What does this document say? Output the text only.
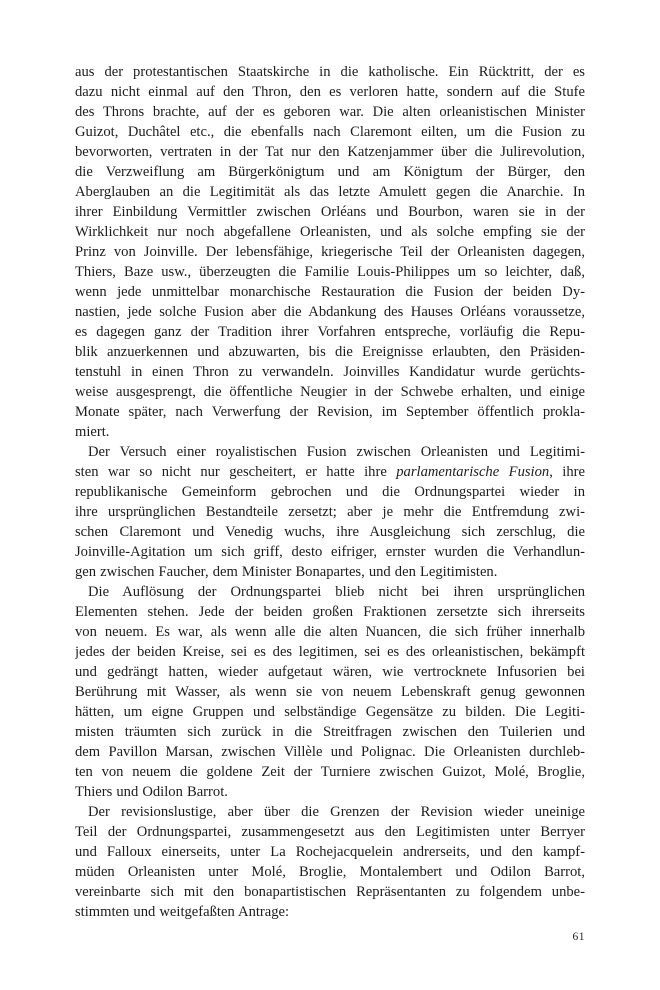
aus der protestantischen Staatskirche in die katholische. Ein Rücktritt, der es
dazu nicht einmal auf den Thron, den es verloren hatte, sondern auf die Stufe
des Throns brachte, auf der es geboren war. Die alten orleanistischen Minister
Guizot, Duchâtel etc., die ebenfalls nach Claremont eilten, um die Fusion zu
bevorworten, vertraten in der Tat nur den Katzenjammer über die Julirevolution,
die Verzweiflung am Bürgerkönigtum und am Königtum der Bürger, den
Aberglauben an die Legitimität als das letzte Amulett gegen die Anarchie. In
ihrer Einbildung Vermittler zwischen Orléans und Bourbon, waren sie in der
Wirklichkeit nur noch abgefallene Orleanisten, und als solche empfing sie der
Prinz von Joinville. Der lebensfähige, kriegerische Teil der Orleanisten dagegen,
Thiers, Baze usw., überzeugten die Familie Louis-Philippes um so leichter, daß,
wenn jede unmittelbar monarchische Restauration die Fusion der beiden Dy-
nastien, jede solche Fusion aber die Abdankung des Hauses Orléans voraussetze,
es dagegen ganz der Tradition ihrer Vorfahren entspreche, vorläufig die Repu-
blik anzuerkennen und abzuwarten, bis die Ereignisse erlaubten, den Präsiden-
tenstuhl in einen Thron zu verwandeln. Joinvilles Kandidatur wurde gerüchts-
weise ausgesprengt, die öffentliche Neugier in der Schwebe erhalten, und einige
Monate später, nach Verwerfung der Revision, im September öffentlich prokla-
miert.
Der Versuch einer royalistischen Fusion zwischen Orleanisten und Legitimi-
sten war so nicht nur gescheitert, er hatte ihre parlamentarische Fusion, ihre
republikanische Gemeinform gebrochen und die Ordnungspartei wieder in
ihre ursprünglichen Bestandteile zersetzt; aber je mehr die Entfremdung zwi-
schen Claremont und Venedig wuchs, ihre Ausgleichung sich zerschlug, die
Joinville-Agitation um sich griff, desto eifriger, ernster wurden die Verhandlun-
gen zwischen Faucher, dem Minister Bonapartes, und den Legitimisten.
Die Auflösung der Ordnungspartei blieb nicht bei ihren ursprünglichen
Elementen stehen. Jede der beiden großen Fraktionen zersetzte sich ihrerseits
von neuem. Es war, als wenn alle die alten Nuancen, die sich früher innerhalb
jedes der beiden Kreise, sei es des legitimen, sei es des orleanistischen, bekämpft
und gedrängt hatten, wieder aufgetaut wären, wie vertrocknete Infusorien bei
Berührung mit Wasser, als wenn sie von neuem Lebenskraft genug gewonnen
hätten, um eigne Gruppen und selbständige Gegensätze zu bilden. Die Legiti-
misten träumten sich zurück in die Streitfragen zwischen den Tuilerien und
dem Pavillon Marsan, zwischen Villèle und Polignac. Die Orleanisten durchleb-
ten von neuem die goldene Zeit der Turniere zwischen Guizot, Molé, Broglie,
Thiers und Odilon Barrot.
Der revisionslustige, aber über die Grenzen der Revision wieder uneinige
Teil der Ordnungspartei, zusammengesetzt aus den Legitimisten unter Berryer
und Falloux einerseits, unter La Rochejacquelein andrerseits, und den kampf-
müden Orleanisten unter Molé, Broglie, Montalembert und Odilon Barrot,
vereinbarte sich mit den bonapartistischen Repräsentanten zu folgendem unbe-
stimmten und weitgefaßten Antrage:
61
